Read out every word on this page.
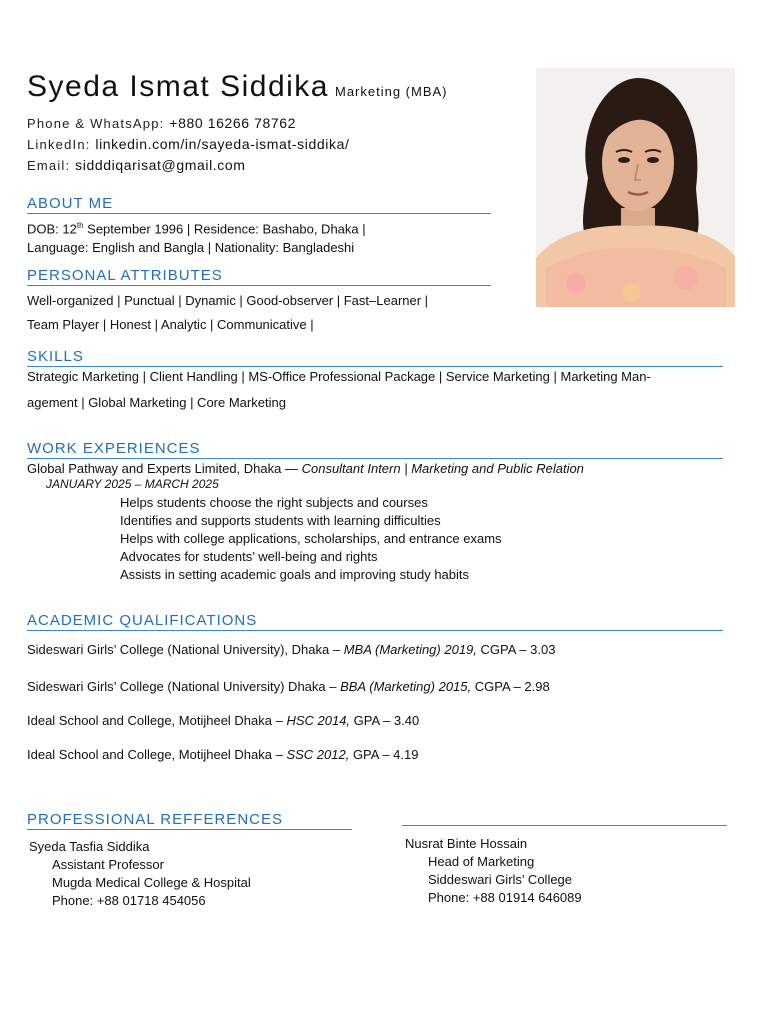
Syeda Ismat Siddika Marketing (MBA)
Phone & WhatsApp: +880 16266 78762
LinkedIn: linkedin.com/in/sayeda-ismat-siddika/
Email: sidddiqarisat@gmail.com
ABOUT ME
DOB: 12th September 1996 | Residence: Bashabo, Dhaka |
Language: English and Bangla | Nationality: Bangladeshi
PERSONAL ATTRIBUTES
Well-organized | Punctual | Dynamic | Good-observer | Fast–Learner |
Team Player | Honest | Analytic | Communicative |
SKILLS
Strategic Marketing | Client Handling | MS-Office Professional Package | Service Marketing | Marketing Man-
agement | Global Marketing | Core Marketing
WORK EXPERIENCES
Global Pathway and Experts Limited, Dhaka — Consultant Intern | Marketing and Public Relation
JANUARY 2025 – MARCH 2025
Helps students choose the right subjects and courses
Identifies and supports students with learning difficulties
Helps with college applications, scholarships, and entrance exams
Advocates for students’ well-being and rights
Assists in setting academic goals and improving study habits
ACADEMIC QUALIFICATIONS
Sideswari Girls’ College (National University), Dhaka – MBA (Marketing) 2019, CGPA – 3.03
Sideswari Girls’ College (National University) Dhaka – BBA (Marketing) 2015, CGPA – 2.98
Ideal School and College, Motijheel Dhaka – HSC 2014, GPA – 3.40
Ideal School and College, Motijheel Dhaka – SSC 2012, GPA – 4.19
PROFESSIONAL REFFERENCES
Syeda Tasfia Siddika
Assistant Professor
Mugda Medical College & Hospital
Phone: +88 01718 454056
Nusrat Binte Hossain
Head of Marketing
Siddeswari Girls’ College
Phone: +88 01914 646089
